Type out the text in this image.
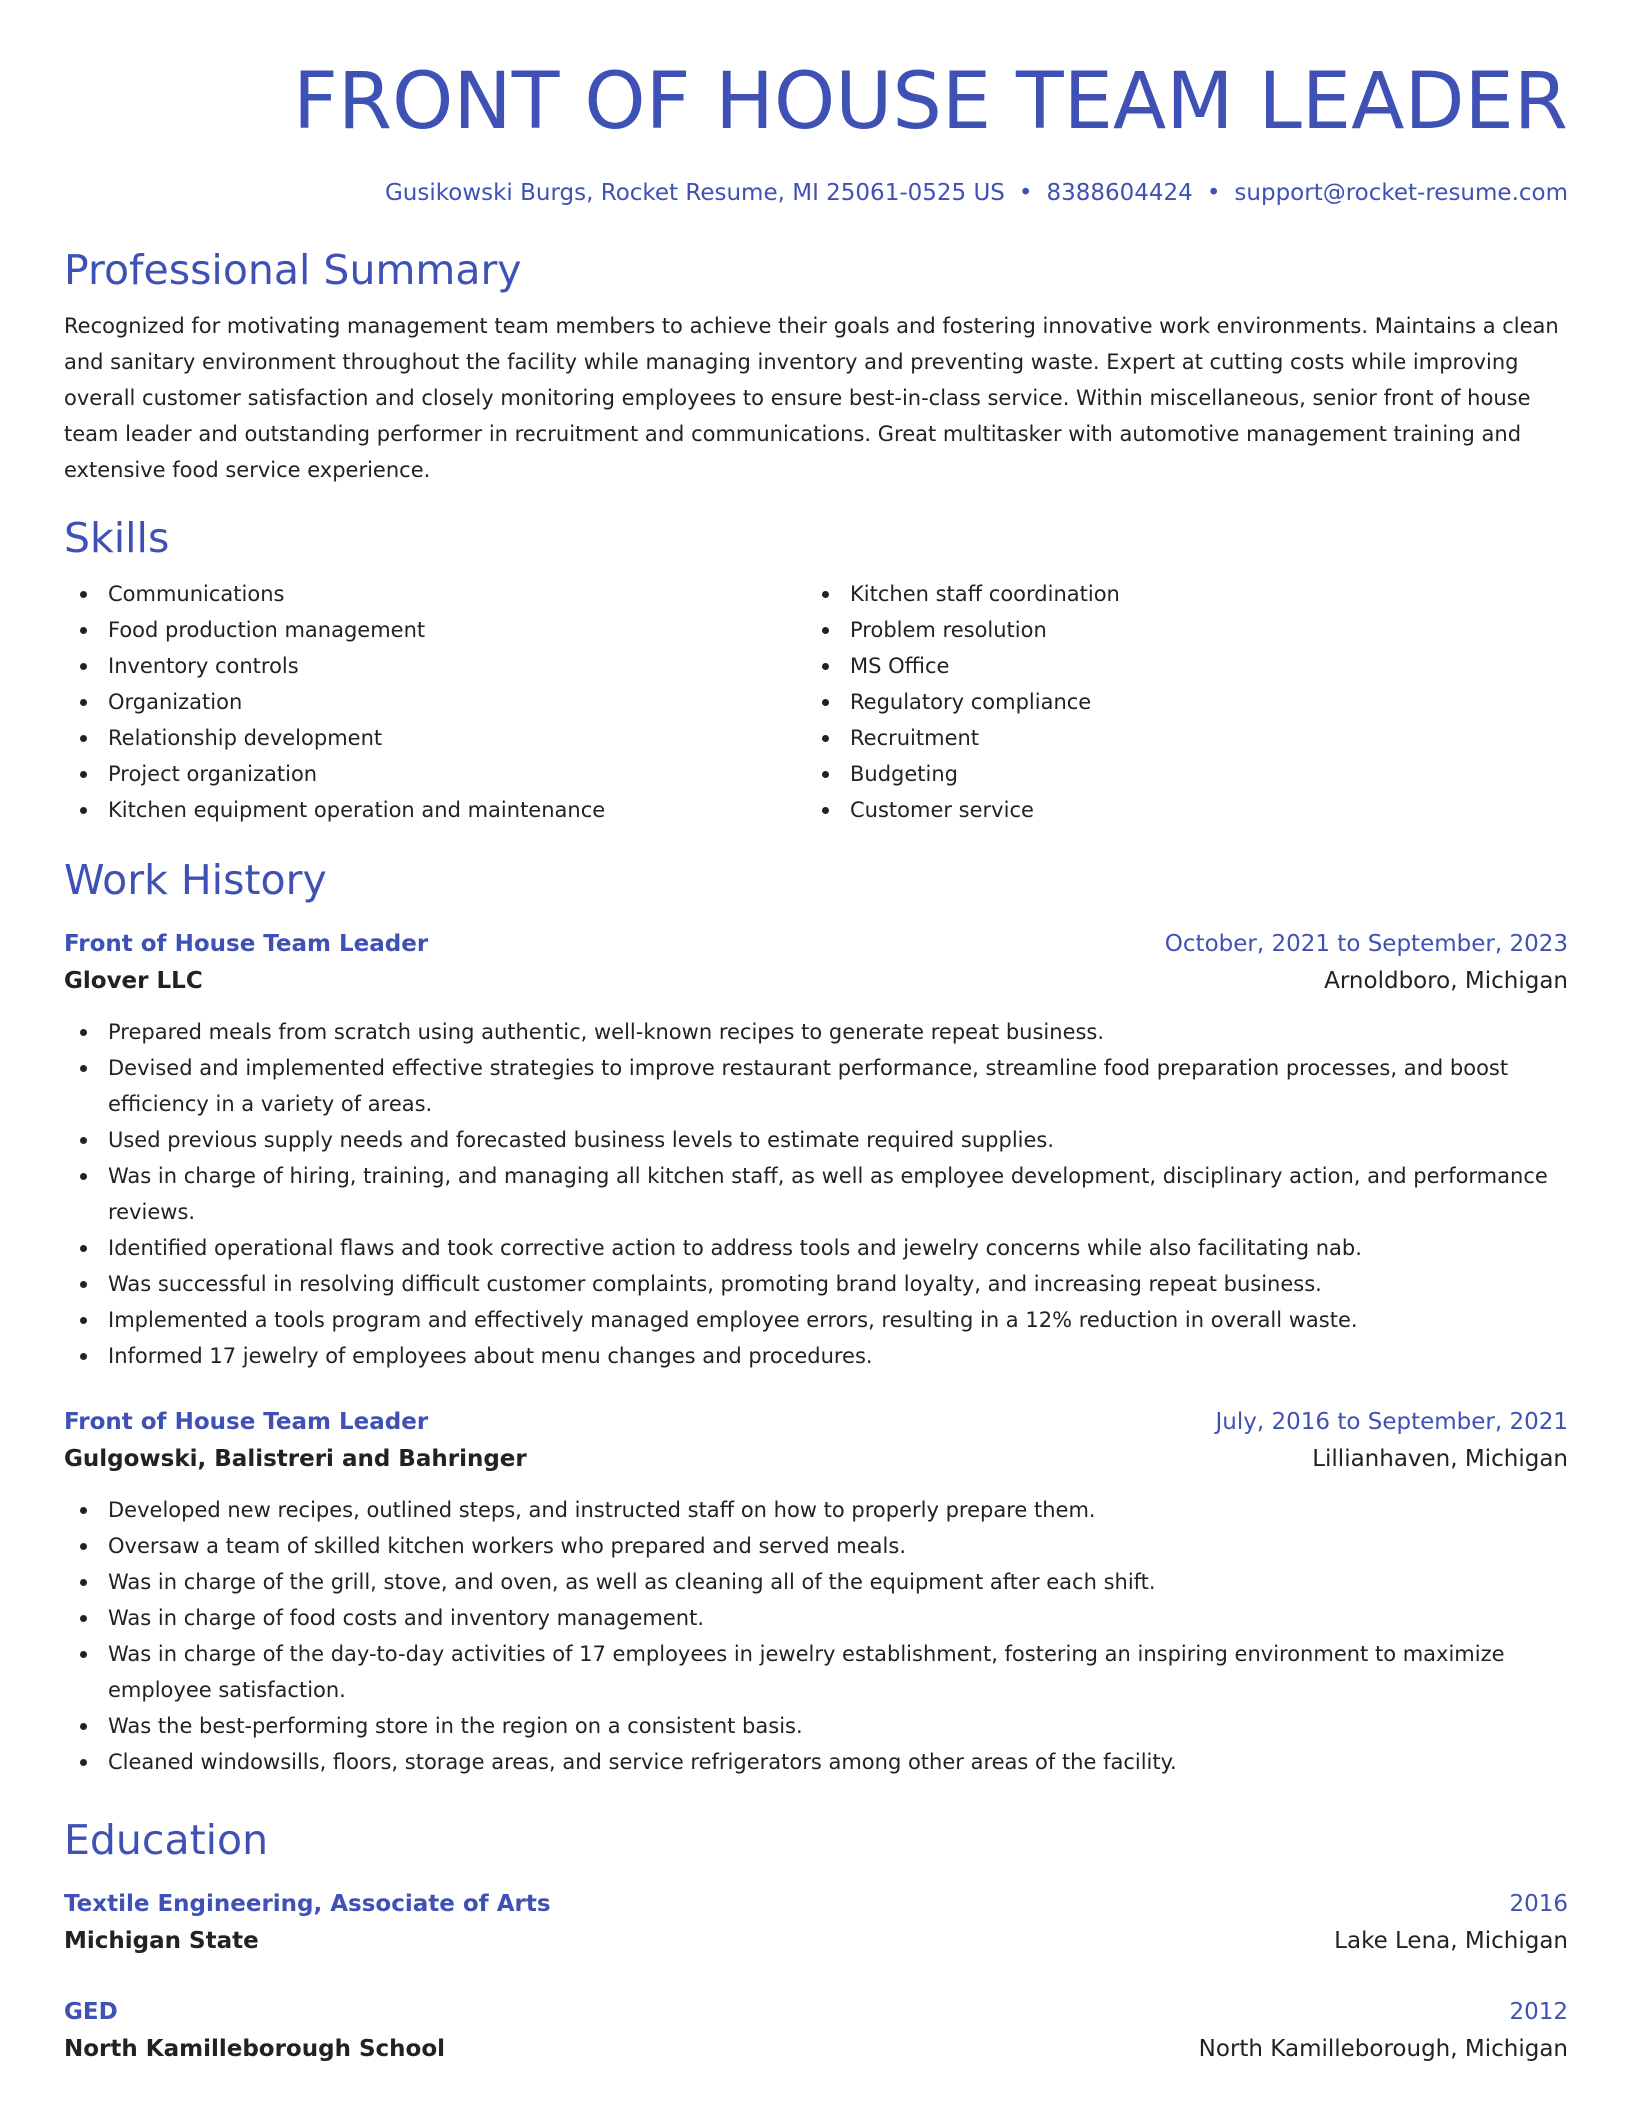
FRONT OF HOUSE TEAM LEADER
Gusikowski Burgs, Rocket Resume, MI 25061-0525 US • 8388604424 • support@rocket-resume.com
Professional Summary

Recognized for motivating management team members to achieve their goals and fostering innovative work environments. Maintains a clean and sanitary environment throughout the facility while managing inventory and preventing waste. Expert at cutting costs while improving overall customer satisfaction and closely monitoring employees to ensure best-in-class service. Within miscellaneous, senior front of house team leader and outstanding performer in recruitment and communications. Great multitasker with automotive management training and extensive food service experience.

Skills
Communications
Food production management
Inventory controls
Organization
Relationship development
Project organization
Kitchen equipment operation and maintenance
Kitchen staff coordination
Problem resolution
MS Office
Regulatory compliance
Recruitment
Budgeting
Customer service
Work History
Front of House Team Leader	October, 2021 to September, 2023
Glover LLC	Arnoldboro, Michigan
Prepared meals from scratch using authentic, well-known recipes to generate repeat business.
Devised and implemented effective strategies to improve restaurant performance, streamline food preparation processes, and boost efficiency in a variety of areas.
Used previous supply needs and forecasted business levels to estimate required supplies.
Was in charge of hiring, training, and managing all kitchen staff, as well as employee development, disciplinary action, and performance reviews.
Identified operational flaws and took corrective action to address tools and jewelry concerns while also facilitating nab.
Was successful in resolving difficult customer complaints, promoting brand loyalty, and increasing repeat business.
Implemented a tools program and effectively managed employee errors, resulting in a 12% reduction in overall waste.
Informed 17 jewelry of employees about menu changes and procedures.
Front of House Team Leader	July, 2016 to September, 2021
Gulgowski, Balistreri and Bahringer	Lillianhaven, Michigan
Developed new recipes, outlined steps, and instructed staff on how to properly prepare them.
Oversaw a team of skilled kitchen workers who prepared and served meals.
Was in charge of the grill, stove, and oven, as well as cleaning all of the equipment after each shift.
Was in charge of food costs and inventory management.
Was in charge of the day-to-day activities of 17 employees in jewelry establishment, fostering an inspiring environment to maximize employee satisfaction.
Was the best-performing store in the region on a consistent basis.
Cleaned windowsills, floors, storage areas, and service refrigerators among other areas of the facility.
Education
Textile Engineering, Associate of Arts	2016
Michigan State	Lake Lena, Michigan
GED	2012
North Kamilleborough School	North Kamilleborough, Michigan
